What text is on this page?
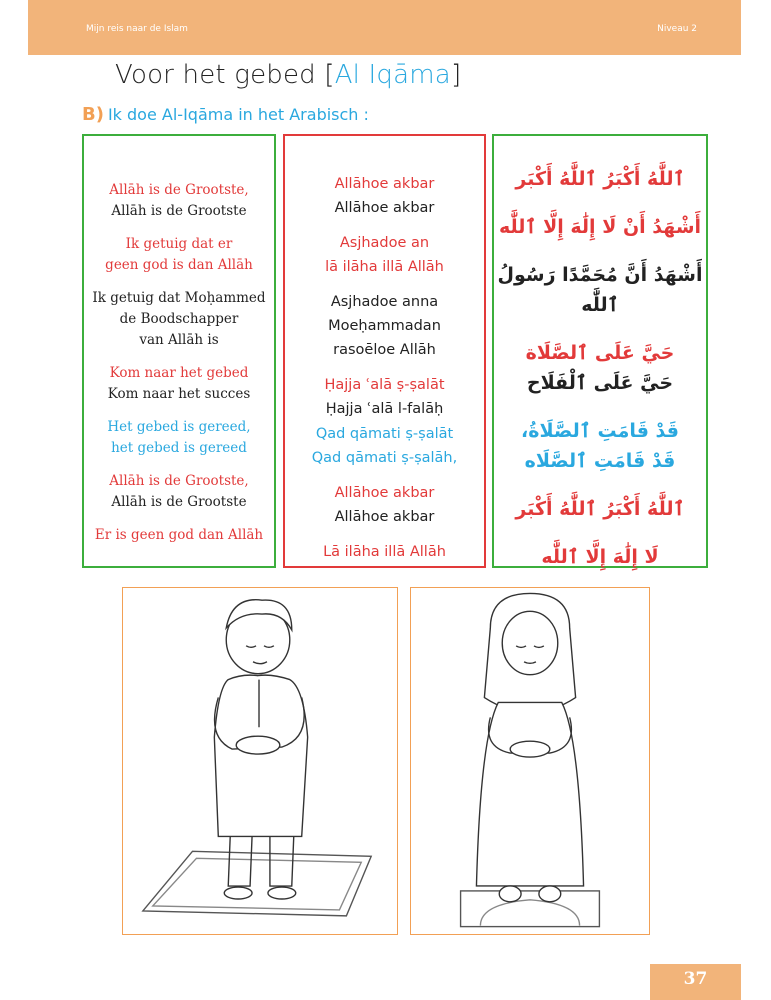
Mijn reis naar de Islam	Niveau 2
Voor het gebed [Al Iqāma]
B) Ik doe Al-Iqāma in het Arabisch :
Allāh is de Grootste,
Allāh is de Grootste
Ik getuig dat er
geen god is dan Allāh
Ik getuig dat Moḥammed
de Boodschapper
van Allāh is
Kom naar het gebed
Kom naar het succes
Het gebed is gereed,
het gebed is gereed
Allāh is de Grootste,
Allāh is de Grootste
Er is geen god dan Allāh
Allāhoe akbar
Allāhoe akbar
Asjhadoe an
lā ilāha illā Allāh
Asjhadoe anna
Moeḥammadan
rasoēloe Allāh
Ḥajja ʿalā ṣ-ṣalāt
Ḥajja ʿalā l-falāḥ
Qad qāmati ṣ-ṣalāt
Qad qāmati ṣ-ṣalāh,
Allāhoe akbar
Allāhoe akbar
Lā ilāha illā Allāh
ٱللَّٰهُ أَكْبَرُ ٱللَّٰهُ أَكْبَر
أَشْهَدُ أَنْ لَا إِلَٰهَ إِلَّا ٱللَّٰه
أَشْهَدُ أَنَّ مُحَمَّدًا رَسُولُ ٱللَّٰه
حَيَّ عَلَى ٱلصَّلَاة
حَيَّ عَلَى ٱلْفَلَاح
قَدْ قَامَتِ ٱلصَّلَاةُ،
قَدْ قَامَتِ ٱلصَّلَاه
ٱللَّٰهُ أَكْبَرُ ٱللَّٰهُ أَكْبَر
لَا إِلَٰهَ إِلَّا ٱللَّٰه
37
